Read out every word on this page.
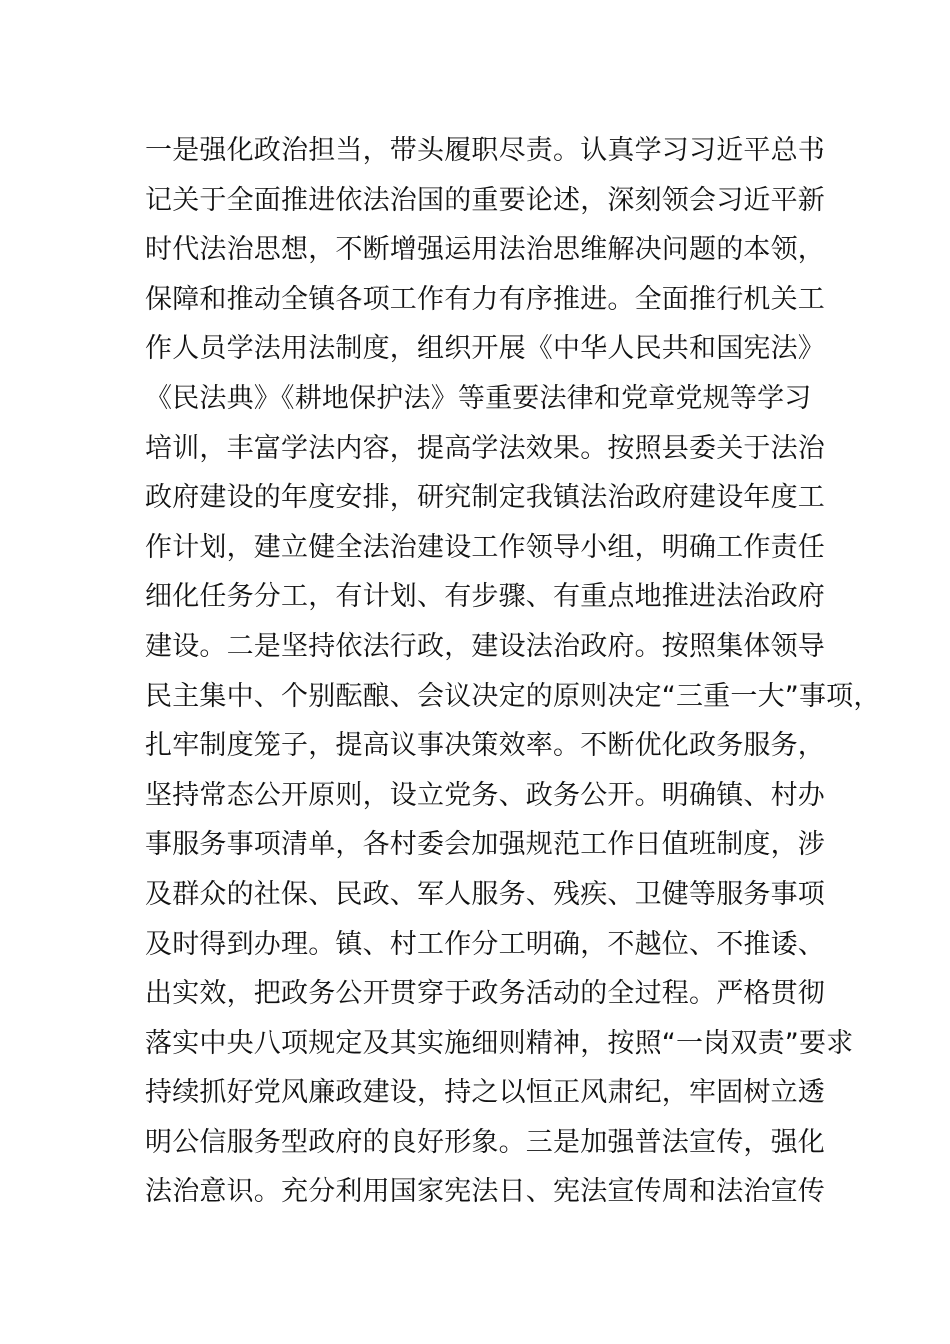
一是强化政治担当，带头履职尽责。认真学习习近平总书
记关于全面推进依法治国的重要论述，深刻领会习近平新
时代法治思想，不断增强运用法治思维解决问题的本领，
保障和推动全镇各项工作有力有序推进。全面推行机关工
作人员学法用法制度，组织开展《中华人民共和国宪法》
《民法典》《耕地保护法》等重要法律和党章党规等学习
培训，丰富学法内容，提高学法效果。按照县委关于法治
政府建设的年度安排，研究制定我镇法治政府建设年度工
作计划，建立健全法治建设工作领导小组，明确工作责任
细化任务分工，有计划、有步骤、有重点地推进法治政府
建设。二是坚持依法行政，建设法治政府。按照集体领导
民主集中、个别酝酿、会议决定的原则决定“三重一大”事项，
扎牢制度笼子，提高议事决策效率。不断优化政务服务，
坚持常态公开原则，设立党务、政务公开。明确镇、村办
事服务事项清单，各村委会加强规范工作日值班制度，涉
及群众的社保、民政、军人服务、残疾、卫健等服务事项
及时得到办理。镇、村工作分工明确，不越位、不推诿、
出实效，把政务公开贯穿于政务活动的全过程。严格贯彻
落实中央八项规定及其实施细则精神，按照“一岗双责”要求
持续抓好党风廉政建设，持之以恒正风肃纪，牢固树立透
明公信服务型政府的良好形象。三是加强普法宣传，强化
法治意识。充分利用国家宪法日、宪法宣传周和法治宣传
